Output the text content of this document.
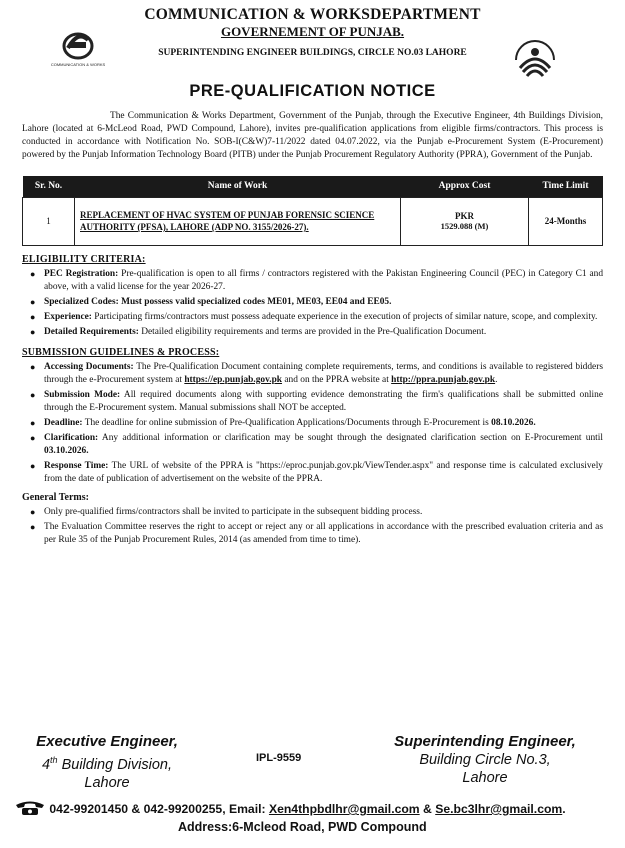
COMMUNICATION & WORKSDEPARTMENT
GOVERNEMENT OF PUNJAB.
SUPERINTENDING ENGINEER BUILDINGS, CIRCLE NO.03 LAHORE
COMMUNICATION & WORKS
PRE-QUALIFICATION NOTICE

The Communication & Works Department, Government of the Punjab, through the Executive Engineer, 4th Buildings Division, Lahore (located at 6-McLeod Road, PWD Compound, Lahore), invites pre-qualification applications from eligible firms/contractors. This process is conducted in accordance with Notification No. SOB-I(C&W)7-11/2022 dated 04.07.2022, via the Punjab e-Procurement System (E-Procurement) powered by the Punjab Information Technology Board (PITB) under the Punjab Procurement Regulatory Authority (PPRA), Government of the Punjab.

Sr. No.	Name of Work	Approx Cost	Time Limit
1	REPLACEMENT OF HVAC SYSTEM OF PUNJAB FORENSIC SCIENCE AUTHORITY (PFSA), LAHORE (ADP NO. 3155/2026-27).	PKR
1529.088 (M)	24-Months
ELIGIBILITY CRITERIA:
● PEC Registration: Pre-qualification is open to all firms / contractors registered with the Pakistan Engineering Council (PEC) in Category C1 and above, with a valid license for the year 2026-27.
● Specialized Codes: Must possess valid specialized codes ME01, ME03, EE04 and EE05.
● Experience: Participating firms/contractors must possess adequate experience in the execution of projects of similar nature, scope, and complexity.
● Detailed Requirements: Detailed eligibility requirements and terms are provided in the Pre-Qualification Document.
SUBMISSION GUIDELINES & PROCESS:
● Accessing Documents: The Pre-Qualification Document containing complete requirements, terms, and conditions is available to registered bidders through the e-Procurement system at https://ep.punjab.gov.pk and on the PPRA website at http://ppra.punjab.gov.pk.
● Submission Mode: All required documents along with supporting evidence demonstrating the firm's qualifications shall be submitted online through the E-Procurement system. Manual submissions shall NOT be accepted.
● Deadline: The deadline for online submission of Pre-Qualification Applications/Documents through E-Procurement is 08.10.2026.
● Clarification: Any additional information or clarification may be sought through the designated clarification section on E-Procurement until 03.10.2026.
● Response Time: The URL of website of the PPRA is "https://eproc.punjab.gov.pk/ViewTender.aspx" and response time is calculated exclusively from the date of publication of advertisement on the website of the PPRA.
General Terms:
● Only pre-qualified firms/contractors shall be invited to participate in the subsequent bidding process.
● The Evaluation Committee reserves the right to accept or reject any or all applications in accordance with the prescribed evaluation criteria and as per Rule 35 of the Punjab Procurement Rules, 2014 (as amended from time to time).
Executive Engineer,
4th Building Division,
Lahore
IPL-9559
Superintending Engineer,
Building Circle No.3,
Lahore
042-99201450 & 042-99200255, Email: Xen4thpbdlhr@gmail.com & Se.bc3lhr@gmail.com.
Address:6-Mcleod Road, PWD Compound
